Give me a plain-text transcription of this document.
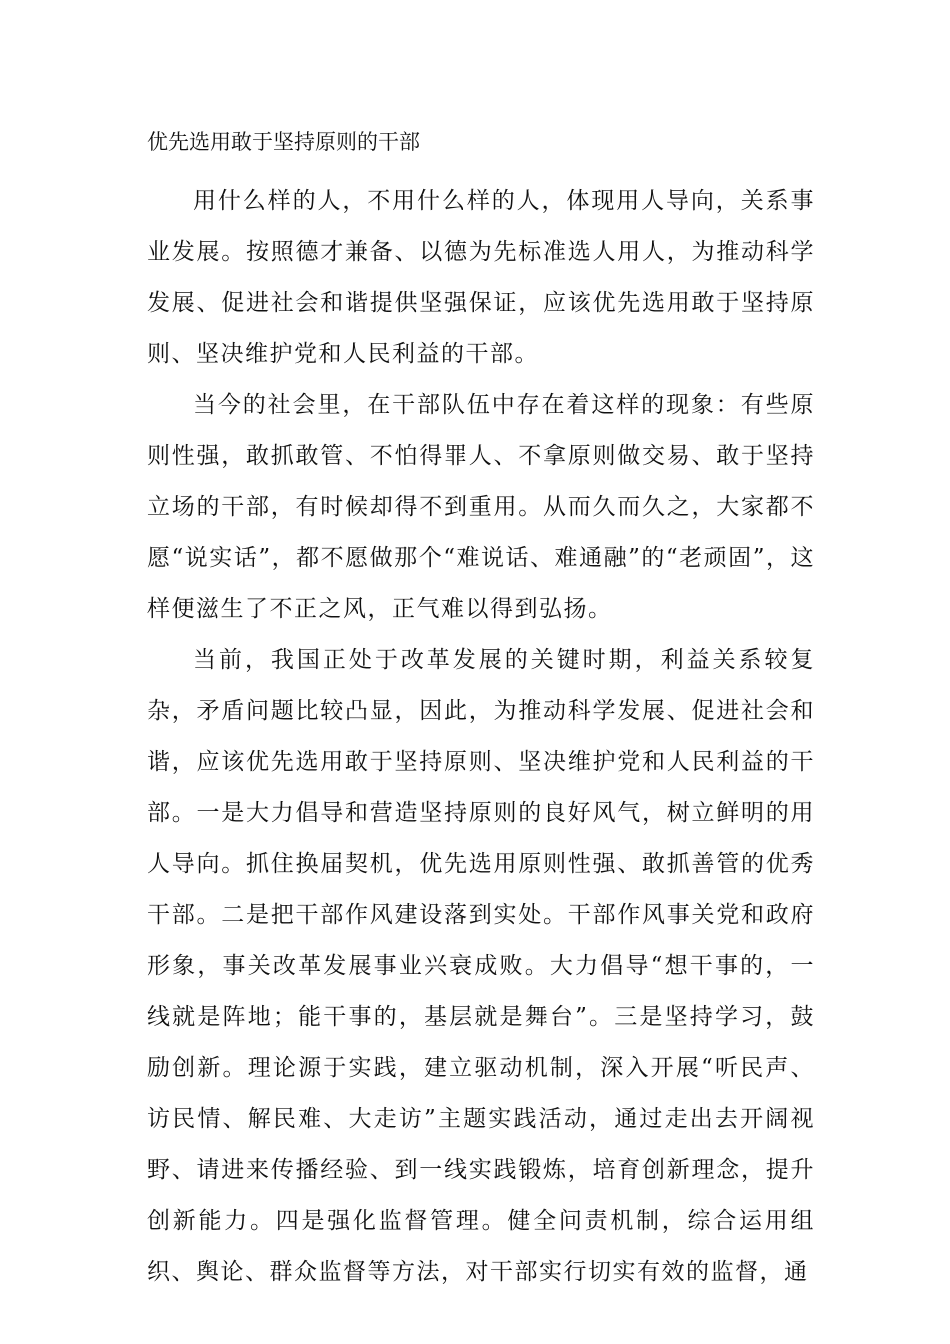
优先选用敢于坚持原则的干部

用什么样的人，不用什么样的人，体现用人导向，关系事业发展。按照德才兼备、以德为先标准选人用人，为推动科学发展、促进社会和谐提供坚强保证，应该优先选用敢于坚持原则、坚决维护党和人民利益的干部。

当今的社会里，在干部队伍中存在着这样的现象：有些原则性强，敢抓敢管、不怕得罪人、不拿原则做交易、敢于坚持立场的干部，有时候却得不到重用。从而久而久之，大家都不愿“说实话”，都不愿做那个“难说话、难通融”的“老顽固”，这样便滋生了不正之风，正气难以得到弘扬。

当前，我国正处于改革发展的关键时期，利益关系较复杂，矛盾问题比较凸显，因此，为推动科学发展、促进社会和谐，应该优先选用敢于坚持原则、坚决维护党和人民利益的干部。一是大力倡导和营造坚持原则的良好风气，树立鲜明的用人导向。抓住换届契机，优先选用原则性强、敢抓善管的优秀干部。二是把干部作风建设落到实处。干部作风事关党和政府形象，事关改革发展事业兴衰成败。大力倡导“想干事的，一线就是阵地；能干事的，基层就是舞台”。三是坚持学习，鼓励创新。理论源于实践，建立驱动机制，深入开展“听民声、访民情、解民难、大走访”主题实践活动，通过走出去开阔视野、请进来传播经验、到一线实践锻炼，培育创新理念，提升创新能力。四是强化监督管理。健全问责机制，综合运用组织、舆论、群众监督等方法，对干部实行切实有效的监督，通
